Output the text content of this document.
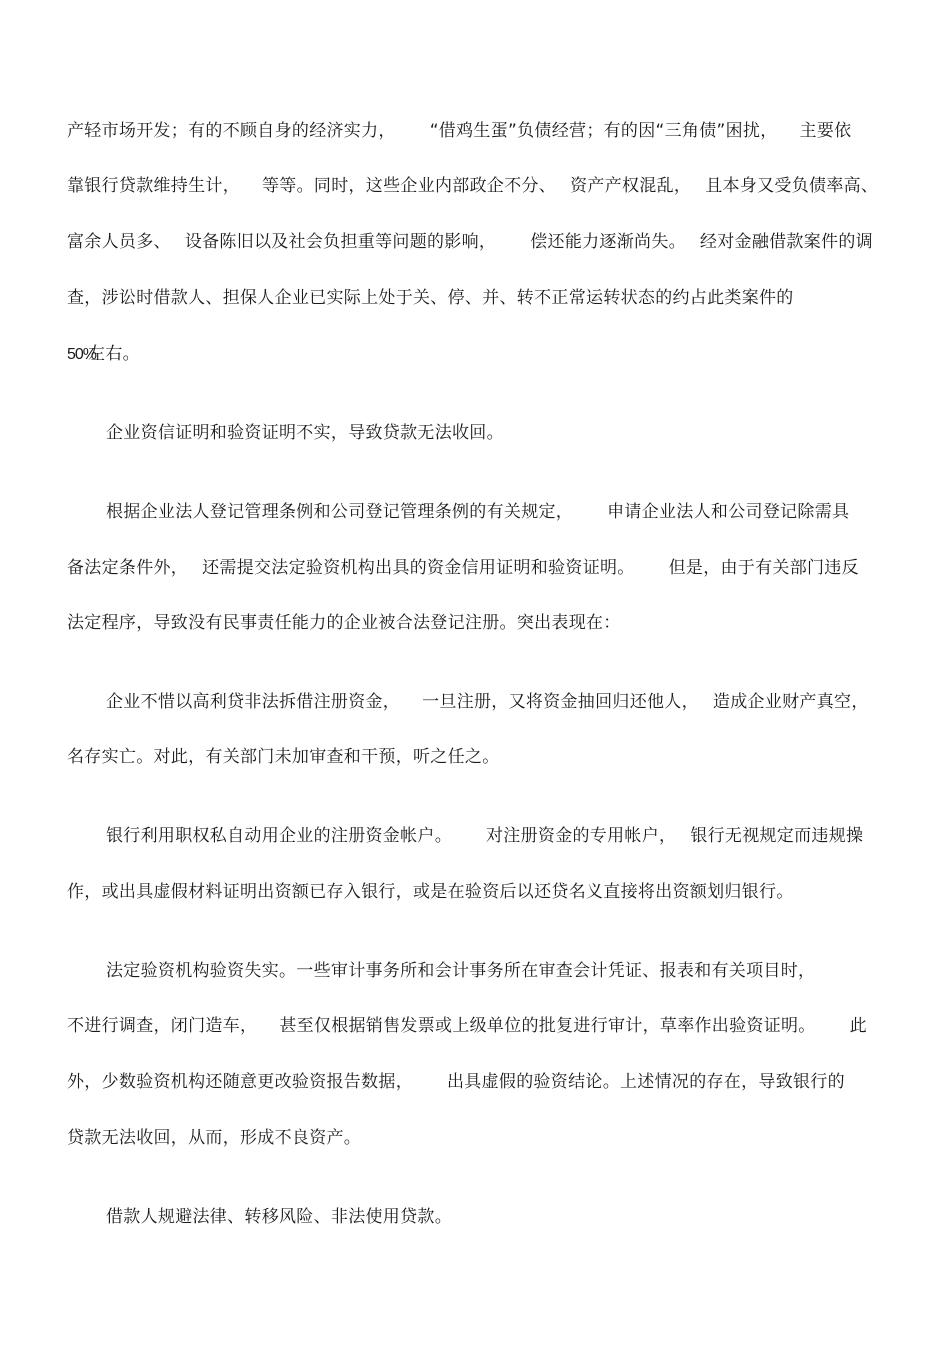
产轻市场开发；有的不顾自身的经济实力， “借鸡生蛋”负债经营；有的因“三角债”困扰， 主要依
靠银行贷款维持生计， 等等。同时，这些企业内部政企不分、 资产产权混乱， 且本身又受负债率高、
富余人员多、 设备陈旧以及社会负担重等问题的影响， 偿还能力逐渐尚失。 经对金融借款案件的调
查，涉讼时借款人、担保人企业已实际上处于关、停、并、转不正常运转状态的约占此类案件的
50%左右。
企业资信证明和验资证明不实，导致贷款无法收回。
根据企业法人登记管理条例和公司登记管理条例的有关规定， 申请企业法人和公司登记除需具
备法定条件外， 还需提交法定验资机构出具的资金信用证明和验资证明。 但是，由于有关部门违反
法定程序，导致没有民事责任能力的企业被合法登记注册。突出表现在：
企业不惜以高利贷非法拆借注册资金， 一旦注册，又将资金抽回归还他人， 造成企业财产真空，
名存实亡。对此，有关部门未加审查和干预，听之任之。
银行利用职权私自动用企业的注册资金帐户。 对注册资金的专用帐户， 银行无视规定而违规操
作，或出具虚假材料证明出资额已存入银行，或是在验资后以还贷名义直接将出资额划归银行。
法定验资机构验资失实。一些审计事务所和会计事务所在审查会计凭证、报表和有关项目时，
不进行调查，闭门造车， 甚至仅根据销售发票或上级单位的批复进行审计，草率作出验资证明。 此
外，少数验资机构还随意更改验资报告数据， 出具虚假的验资结论。上述情况的存在，导致银行的
贷款无法收回，从而，形成不良资产。
借款人规避法律、转移风险、非法使用贷款。
